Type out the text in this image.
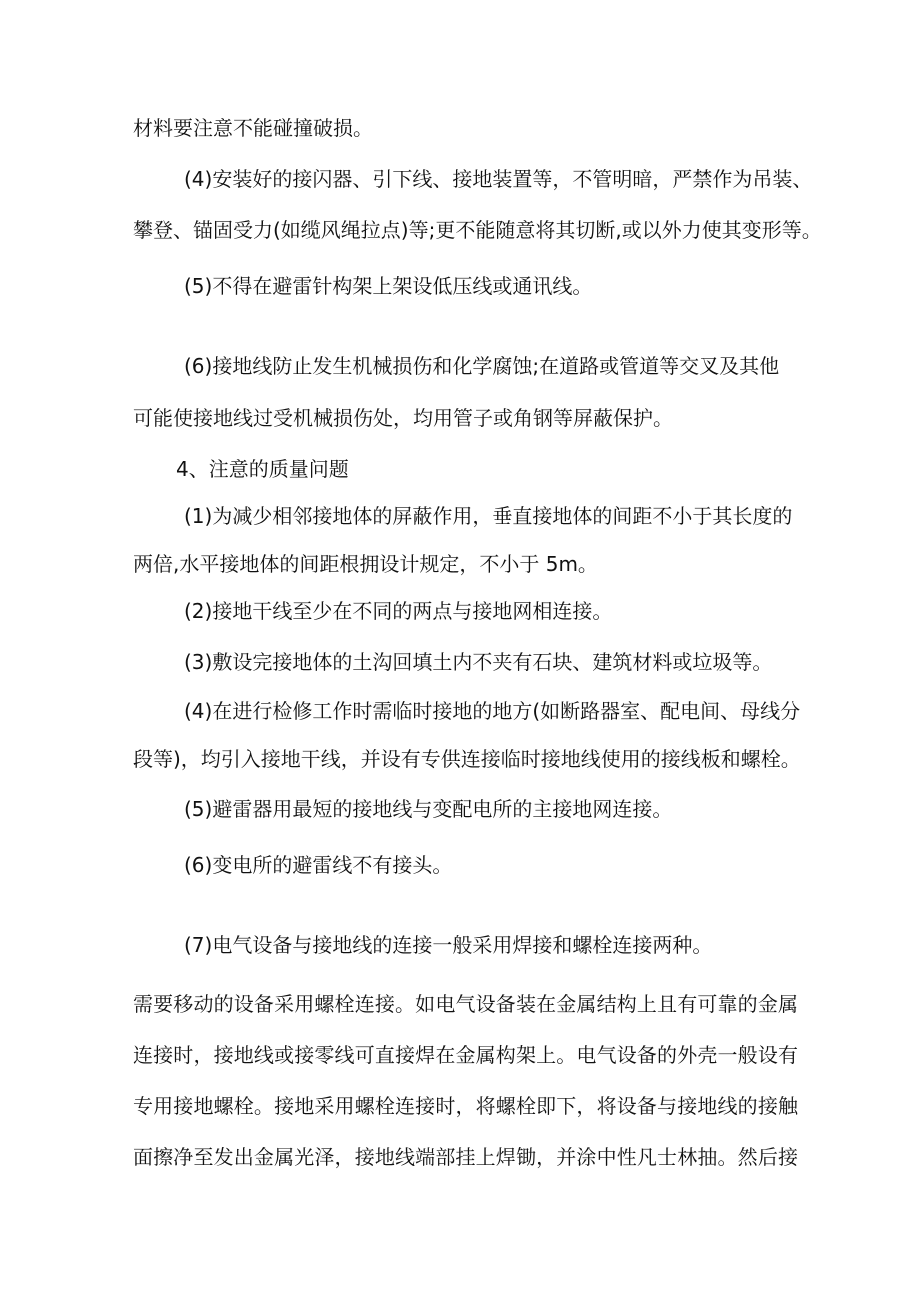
材料要注意不能碰撞破损。
(4)安装好的接闪器、引下线、接地装置等，不管明暗，严禁作为吊装、
攀登、锚固受力(如缆风绳拉点)等;更不能随意将其切断,或以外力使其变形等。
(5)不得在避雷针构架上架设低压线或通讯线。
(6)接地线防止发生机械损伤和化学腐蚀;在道路或管道等交叉及其他
可能使接地线过受机械损伤处，均用管子或角钢等屏蔽保护。
4、注意的质量问题
(1)为减少相邻接地体的屏蔽作用，垂直接地体的间距不小于其长度的
两倍,水平接地体的间距根拥设计规定，不小于 5m。
(2)接地干线至少在不同的两点与接地网相连接。
(3)敷设完接地体的土沟回填土内不夹有石块、建筑材料或垃圾等。
(4)在进行检修工作时需临时接地的地方(如断路器室、配电间、母线分
段等)，均引入接地干线，并设有专供连接临时接地线使用的接线板和螺栓。
(5)避雷器用最短的接地线与变配电所的主接地网连接。
(6)变电所的避雷线不有接头。
(7)电气设备与接地线的连接一般采用焊接和螺栓连接两种。
需要移动的设备采用螺栓连接。如电气设备装在金属结构上且有可靠的金属
连接时，接地线或接零线可直接焊在金属构架上。电气设备的外壳一般设有
专用接地螺栓。接地采用螺栓连接时，将螺栓即下，将设备与接地线的接触
面擦净至发出金属光泽，接地线端部挂上焊锄，并涂中性凡士林抽。然后接
